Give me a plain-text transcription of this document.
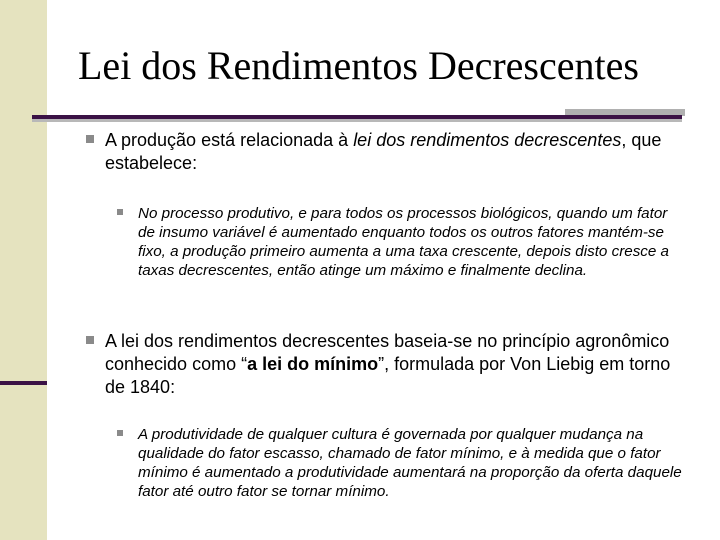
Lei dos Rendimentos Decrescentes

A produção está relacionada à lei dos rendimentos decrescentes, que estabelece:

No processo produtivo, e para todos os processos biológicos, quando um fator de insumo variável é aumentado enquanto todos os outros fatores mantém-se fixo, a produção primeiro aumenta a uma taxa crescente, depois disto cresce a taxas decrescentes, então atinge um máximo e finalmente declina.

A lei dos rendimentos decrescentes baseia-se no princípio agronômico conhecido como “a lei do mínimo”, formulada por Von Liebig em torno de 1840:

A produtividade de qualquer cultura é governada por qualquer mudança na qualidade do fator escasso, chamado de fator mínimo, e à medida que o fator mínimo é aumentado a produtividade aumentará na proporção da oferta daquele fator até outro fator se tornar mínimo.
